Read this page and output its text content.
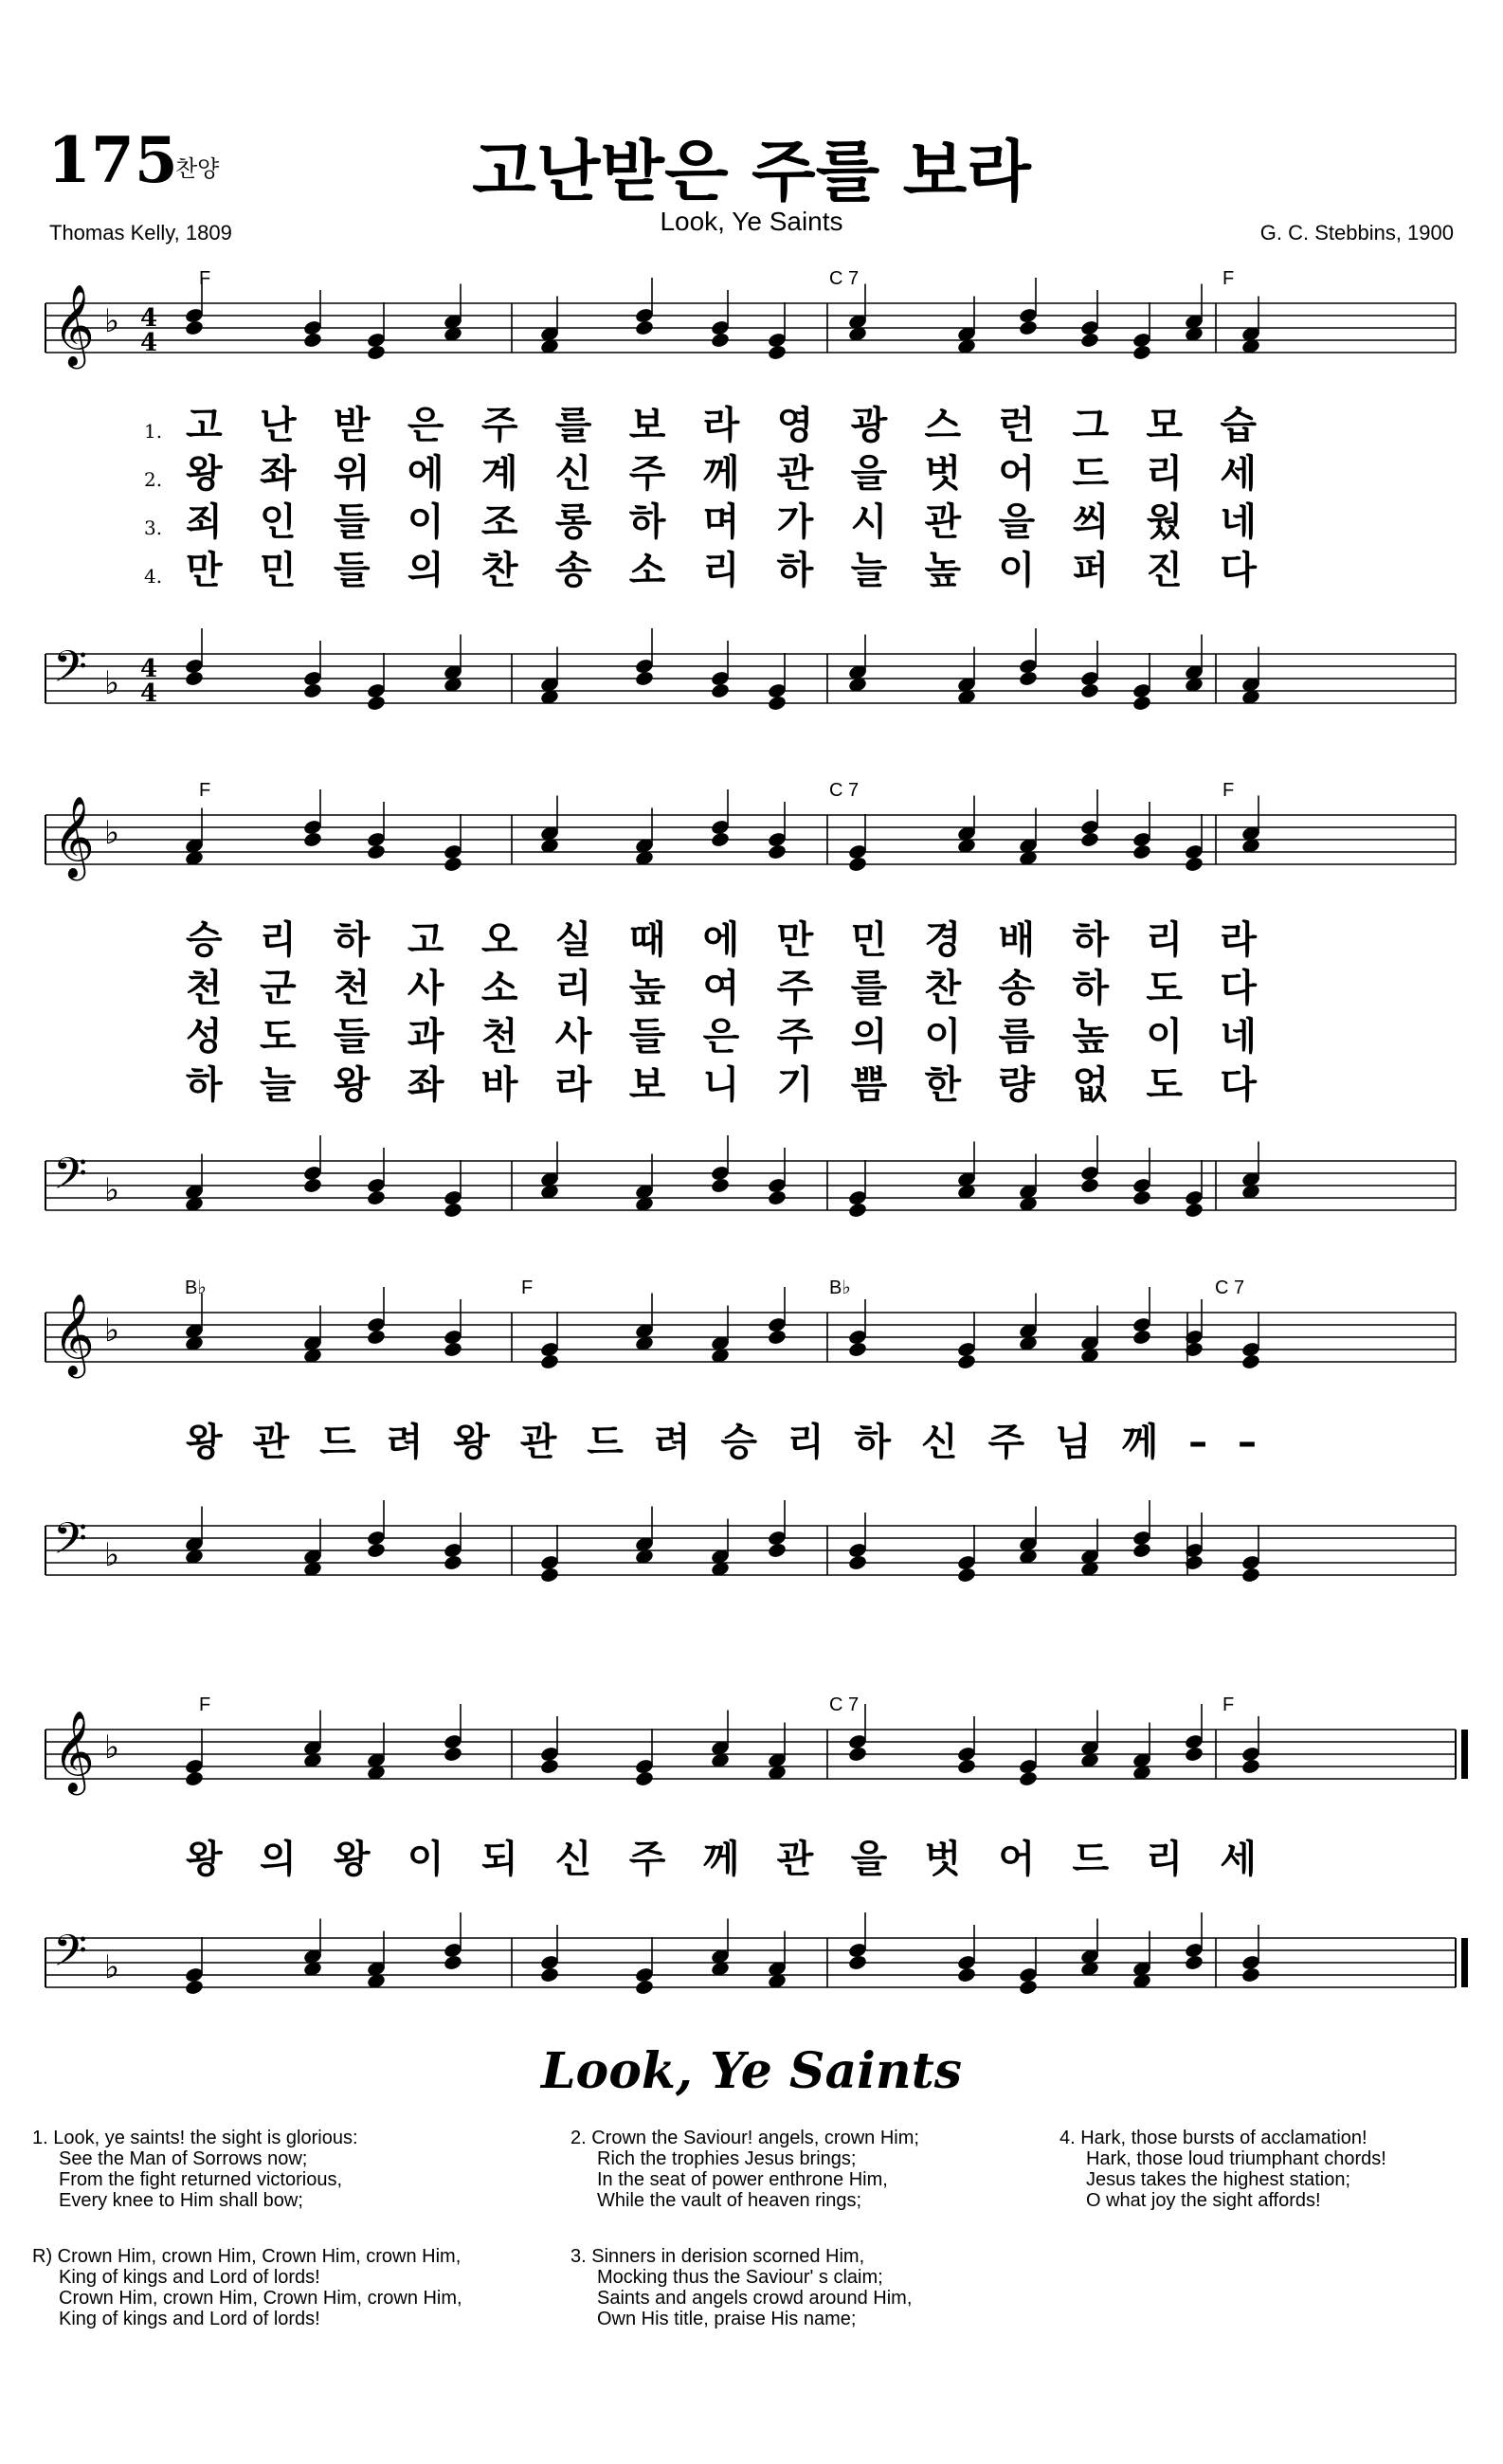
175
찬양	고난받은 주를 보라
Look, Ye Saints
Thomas Kelly, 1809	G. C. Stebbins, 1900
𝄞 ♭ 4
4
𝄢 ♭ 4
4
𝄞 ♭
𝄢 ♭
𝄞 ♭
𝄢 ♭
𝄞 ♭
𝄢 ♭
F	C 7	F
1. 고 난 받 은 주 를 보 라 영 광 스 런 그 모 습
2. 왕 좌 위 에 계 신 주 께 관 을 벗 어 드 리 세
3. 죄 인 들 이 조 롱 하 며 가 시 관 을 씌 웠 네
4. 만 민 들 의 찬 송 소 리 하 늘 높 이 퍼 진 다
F	C 7	F
승 리 하 고 오 실 때 에 만 민 경 배 하 리 라
천 군 천 사 소 리 높 여 주 를 찬 송 하 도 다
성 도 들 과 천 사 들 은 주 의 이 름 높 이 네
하 늘 왕 좌 바 라 보 니 기 쁨 한 량 없 도 다
B♭	F	B♭	C 7
왕 관 드 려 왕 관 드 려 승 리 하 신 주 님 께 – –
F	C 7	F
왕 의 왕 이 되 신 주 께 관 을 벗 어 드 리 세
Look, Ye Saints
1. Look, ye saints! the sight is glorious:
See the Man of Sorrows now;
From the fight returned victorious,
Every knee to Him shall bow;
R) Crown Him, crown Him, Crown Him, crown Him,
King of kings and Lord of lords!
Crown Him, crown Him, Crown Him, crown Him,
King of kings and Lord of lords!
2. Crown the Saviour! angels, crown Him;
Rich the trophies Jesus brings;
In the seat of power enthrone Him,
While the vault of heaven rings;
3. Sinners in derision scorned Him,
Mocking thus the Saviour' s claim;
Saints and angels crowd around Him,
Own His title, praise His name;
4. Hark, those bursts of acclamation!
Hark, those loud triumphant chords!
Jesus takes the highest station;
O what joy the sight affords!
